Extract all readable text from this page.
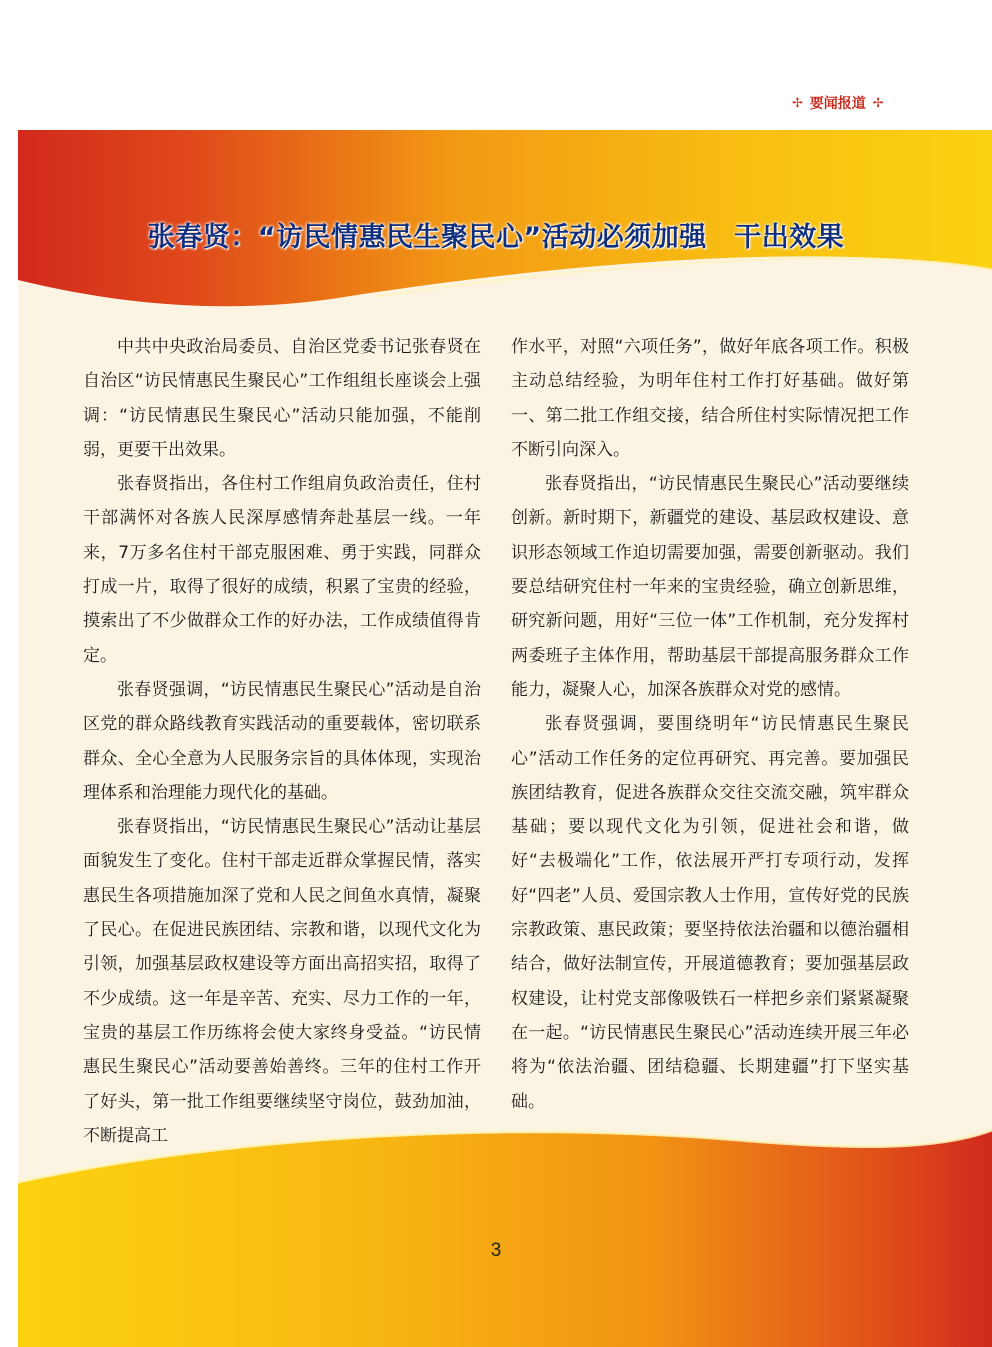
✢ 要闻报道 ✢
张春贤：“访民情惠民生聚民心”活动必须加强　干出效果

中共中央政治局委员、自治区党委书记张春贤在自治区“访民情惠民生聚民心”工作组组长座谈会上强调：“访民情惠民生聚民心”活动只能加强，不能削弱，更要干出效果。

张春贤指出，各住村工作组肩负政治责任，住村干部满怀对各族人民深厚感情奔赴基层一线。一年来，7万多名住村干部克服困难、勇于实践，同群众打成一片，取得了很好的成绩，积累了宝贵的经验，摸索出了不少做群众工作的好办法，工作成绩值得肯定。

张春贤强调，“访民情惠民生聚民心”活动是自治区党的群众路线教育实践活动的重要载体，密切联系群众、全心全意为人民服务宗旨的具体体现，实现治理体系和治理能力现代化的基础。

张春贤指出，“访民情惠民生聚民心”活动让基层面貌发生了变化。住村干部走近群众掌握民情，落实惠民生各项措施加深了党和人民之间鱼水真情，凝聚了民心。在促进民族团结、宗教和谐，以现代文化为引领，加强基层政权建设等方面出高招实招，取得了不少成绩。这一年是辛苦、充实、尽力工作的一年，宝贵的基层工作历练将会使大家终身受益。“访民情惠民生聚民心”活动要善始善终。三年的住村工作开了好头，第一批工作组要继续坚守岗位，鼓劲加油，不断提高工

作水平，对照“六项任务”，做好年底各项工作。积极主动总结经验，为明年住村工作打好基础。做好第一、第二批工作组交接，结合所住村实际情况把工作不断引向深入。

张春贤指出，“访民情惠民生聚民心”活动要继续创新。新时期下，新疆党的建设、基层政权建设、意识形态领域工作迫切需要加强，需要创新驱动。我们要总结研究住村一年来的宝贵经验，确立创新思维，研究新问题，用好“三位一体”工作机制，充分发挥村两委班子主体作用，帮助基层干部提高服务群众工作能力，凝聚人心，加深各族群众对党的感情。

张春贤强调，要围绕明年“访民情惠民生聚民心”活动工作任务的定位再研究、再完善。要加强民族团结教育，促进各族群众交往交流交融，筑牢群众基础；要以现代文化为引领，促进社会和谐，做好“去极端化”工作，依法展开严打专项行动，发挥好“四老”人员、爱国宗教人士作用，宣传好党的民族宗教政策、惠民政策；要坚持依法治疆和以德治疆相结合，做好法制宣传，开展道德教育；要加强基层政权建设，让村党支部像吸铁石一样把乡亲们紧紧凝聚在一起。“访民情惠民生聚民心”活动连续开展三年必将为“依法治疆、团结稳疆、长期建疆”打下坚实基础。

3
